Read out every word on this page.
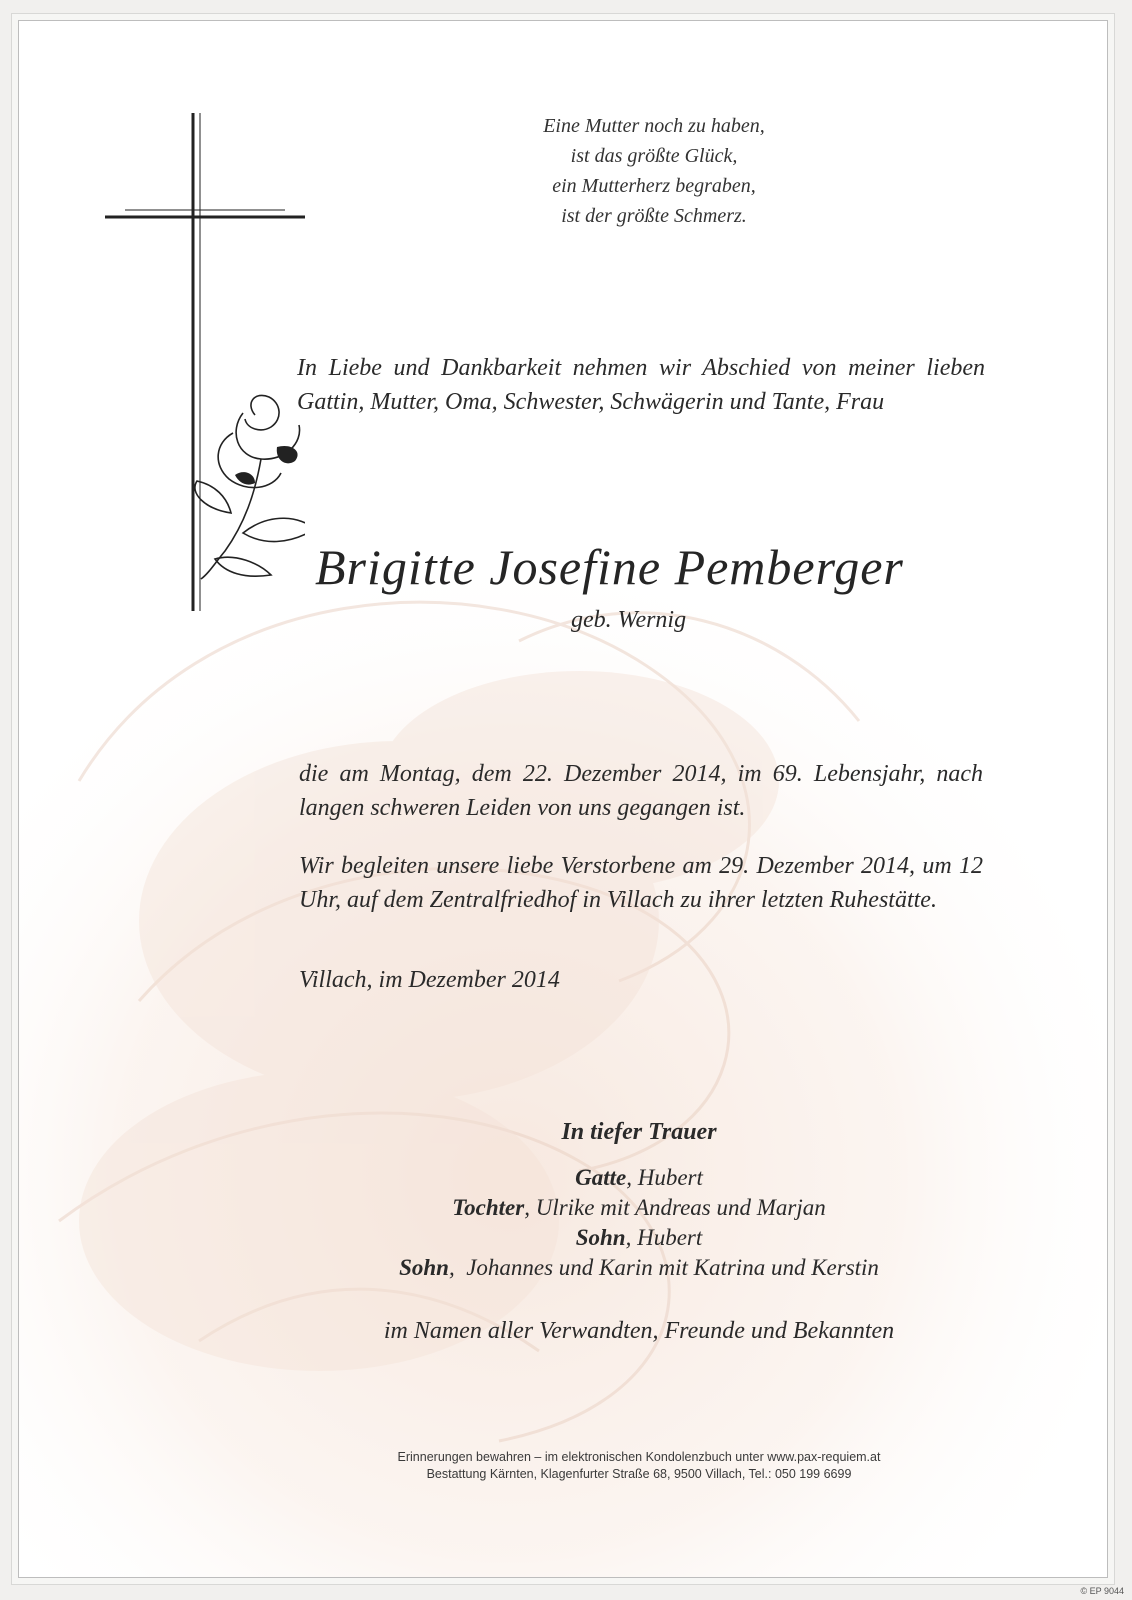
Eine Mutter noch zu haben,
ist das größte Glück,
ein Mutterherz begraben,
ist der größte Schmerz.

In Liebe und Dankbarkeit nehmen wir Abschied von meiner lieben Gattin, Mutter, Oma, Schwester, Schwägerin und Tante, Frau

Brigitte Josefine Pemberger

geb. Wernig

die am Montag, dem 22. Dezember 2014, im 69. Lebensjahr, nach langen schweren Leiden von uns gegangen ist.

Wir begleiten unsere liebe Verstorbene am 29. Dezember 2014, um 12 Uhr, auf dem Zentralfriedhof in Villach zu ihrer letzten Ruhestätte.

Villach, im Dezember 2014

In tiefer Trauer

Gatte, Hubert
Tochter, Ulrike mit Andreas und Marjan
Sohn, Hubert
Sohn,  Johannes und Karin mit Katrina und Kerstin

im Namen aller Verwandten, Freunde und Bekannten

Erinnerungen bewahren – im elektronischen Kondolenzbuch unter www.pax-requiem.at
Bestattung Kärnten, Klagenfurter Straße 68, 9500 Villach, Tel.: 050 199 6699
© EP 9044
